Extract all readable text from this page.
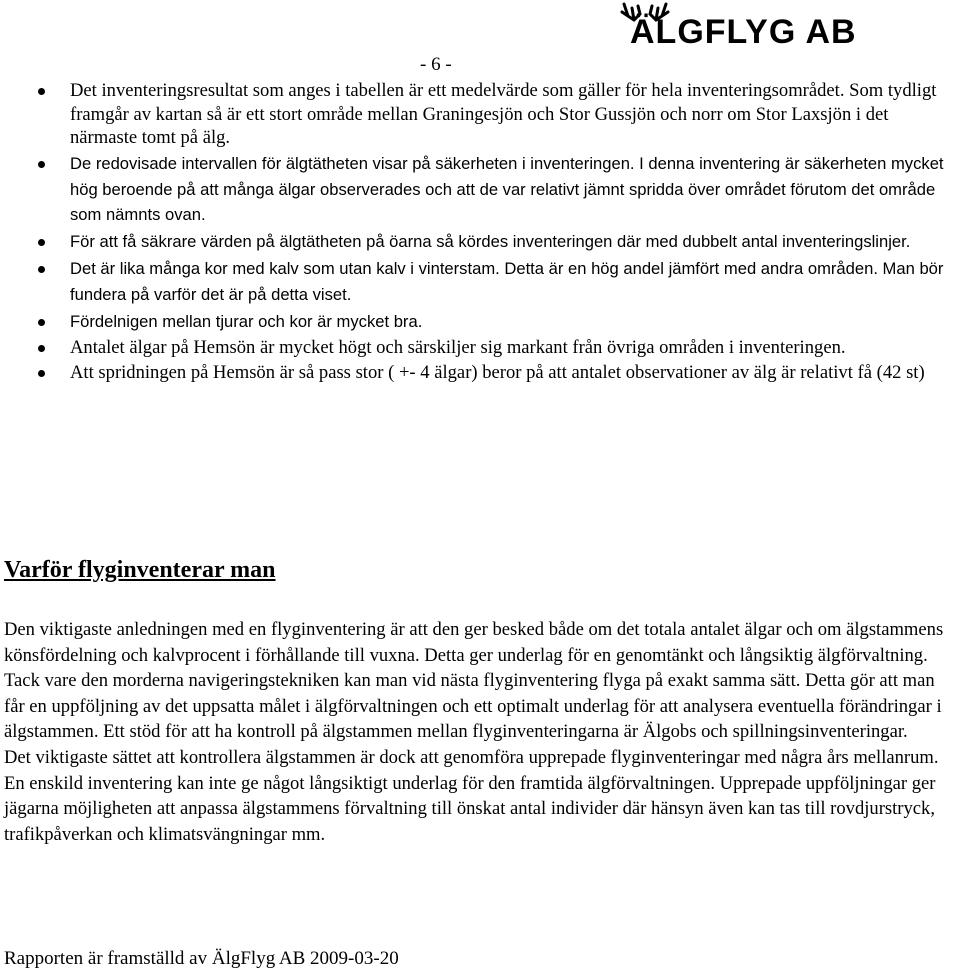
ÄLGFLYG AB
- 6 -
Det inventeringsresultat som anges i tabellen är ett medelvärde som gäller för hela inventeringsområdet. Som tydligt framgår av kartan så är ett stort område mellan Graningesjön och Stor Gussjön och norr om Stor Laxsjön i det närmaste tomt på älg.
De redovisade intervallen för älgtätheten visar på säkerheten i inventeringen. I denna inventering är säkerheten mycket hög beroende på att många älgar observerades och att de var relativt jämnt spridda över området förutom det område som nämnts ovan.
För att få säkrare värden på älgtätheten på öarna så kördes inventeringen där med dubbelt antal inventeringslinjer.
Det är lika många kor med kalv som utan kalv i vinterstam. Detta är en hög andel jämfört med andra områden. Man bör fundera på varför det är på detta viset.
Fördelnigen mellan tjurar och kor är mycket bra.
Antalet älgar på Hemsön är mycket högt och särskiljer sig markant från övriga områden i inventeringen.
Att spridningen på Hemsön är så pass stor ( +- 4 älgar) beror på att antalet observationer av älg är relativt få (42 st)
Varför flyginventerar man

Den viktigaste anledningen med en flyginventering är att den ger besked både om det totala antalet älgar och om älgstammens könsfördelning och kalvprocent i förhållande till vuxna. Detta ger underlag för en genomtänkt och långsiktig älgförvaltning. Tack vare den morderna navigeringstekniken kan man vid nästa flyginventering flyga på exakt samma sätt. Detta gör att man får en uppföljning av det uppsatta målet i älgförvaltningen och ett optimalt underlag för att analysera eventuella förändringar i älgstammen. Ett stöd för att ha kontroll på älgstammen mellan flyginventeringarna är Älgobs och spillningsinventeringar.

Det viktigaste sättet att kontrollera älgstammen är dock att genomföra upprepade flyginventeringar med några års mellanrum. En enskild inventering kan inte ge något långsiktigt underlag för den framtida älgförvaltningen. Upprepade uppföljningar ger jägarna möjligheten att anpassa älgstammens förvaltning till önskat antal individer där hänsyn även kan tas till rovdjurstryck, trafikpåverkan och klimatsvängningar mm.

Rapporten är framställd av ÄlgFlyg AB 2009-03-20
